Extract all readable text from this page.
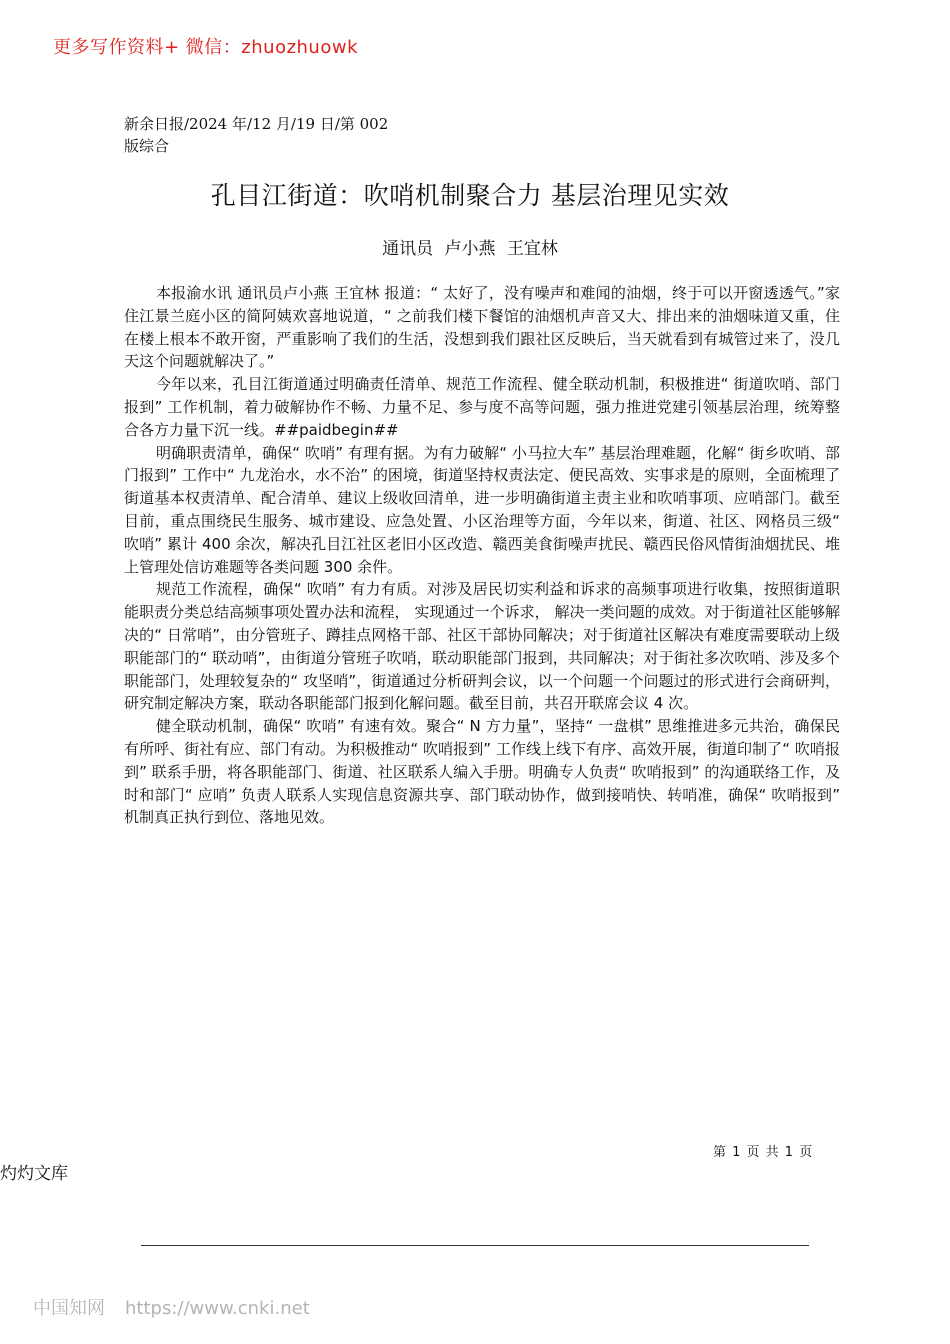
更多写作资料+ 微信：zhuozhuowk
新余日报/2024 年/12 月/19 日/第 002 版综合
孔目江街道：吹哨机制聚合力 基层治理见实效
通讯员 卢小燕 王宜林

本报渝水讯 通讯员卢小燕 王宜林 报道：“ 太好了，没有噪声和难闻的油烟，终于可以开窗透透气。”家住江景兰庭小区的简阿姨欢喜地说道，“ 之前我们楼下餐馆的油烟机声音又大、排出来的油烟味道又重，住在楼上根本不敢开窗，严重影响了我们的生活，没想到我们跟社区反映后，当天就看到有城管过来了，没几天这个问题就解决了。”

今年以来，孔目江街道通过明确责任清单、规范工作流程、健全联动机制，积极推进“ 街道吹哨、部门报到” 工作机制，着力破解协作不畅、力量不足、参与度不高等问题，强力推进党建引领基层治理，统筹整合各方力量下沉一线。##paidbegin##

明确职责清单，确保“ 吹哨” 有理有据。为有力破解“ 小马拉大车” 基层治理难题，化解“ 街乡吹哨、部门报到” 工作中“ 九龙治水，水不治” 的困境，街道坚持权责法定、便民高效、实事求是的原则，全面梳理了街道基本权责清单、配合清单、建议上级收回清单，进一步明确街道主责主业和吹哨事项、应哨部门。截至目前，重点围绕民生服务、城市建设、应急处置、小区治理等方面，今年以来，街道、社区、网格员三级“ 吹哨” 累计 400 余次，解决孔目江社区老旧小区改造、赣西美食街噪声扰民、赣西民俗风情街油烟扰民、堆上管理处信访难题等各类问题 300 余件。

规范工作流程，确保“ 吹哨” 有力有质。对涉及居民切实利益和诉求的高频事项进行收集，按照街道职能职责分类总结高频事项处置办法和流程， 实现通过一个诉求， 解决一类问题的成效。对于街道社区能够解决的“ 日常哨”，由分管班子、蹲挂点网格干部、社区干部协同解决；对于街道社区解决有难度需要联动上级职能部门的“ 联动哨”，由街道分管班子吹哨，联动职能部门报到，共同解决；对于街社多次吹哨、涉及多个职能部门，处理较复杂的“ 攻坚哨”，街道通过分析研判会议，以一个问题一个问题过的形式进行会商研判，研究制定解决方案，联动各职能部门报到化解问题。截至目前，共召开联席会议 4 次。

健全联动机制，确保“ 吹哨” 有速有效。聚合“ N 方力量”，坚持“ 一盘棋” 思维推进多元共治，确保民有所呼、街社有应、部门有动。为积极推动“ 吹哨报到” 工作线上线下有序、高效开展，街道印制了“ 吹哨报到” 联系手册，将各职能部门、街道、社区联系人编入手册。明确专人负责“ 吹哨报到” 的沟通联络工作，及时和部门“ 应哨” 负责人联系人实现信息资源共享、部门联动协作，做到接哨快、转哨准，确保“ 吹哨报到” 机制真正执行到位、落地见效。

第 1 页 共 1 页
灼灼文库
中国知网 https://www.cnki.net
